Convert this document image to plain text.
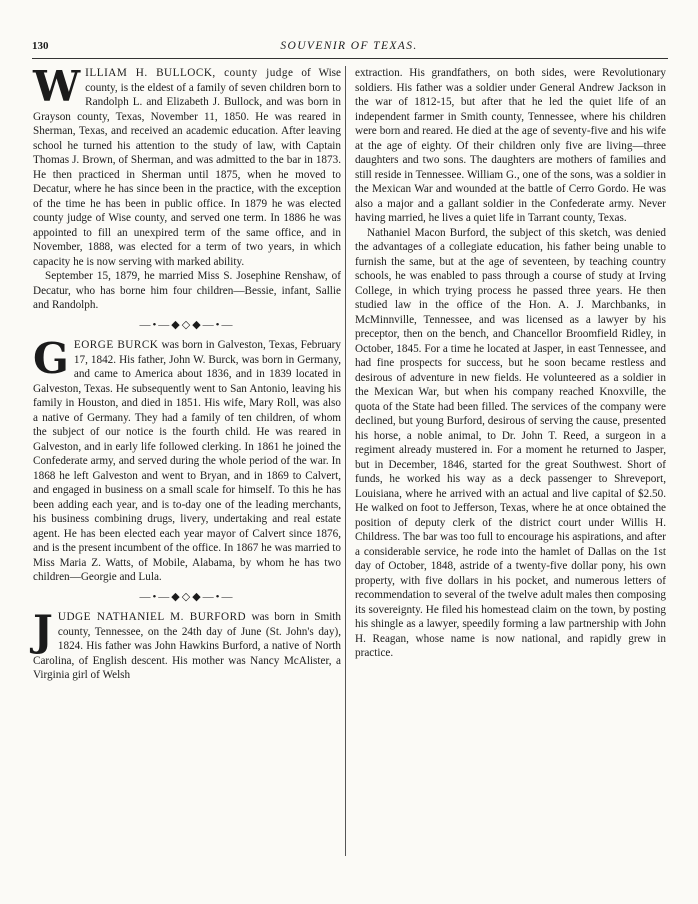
130	SOUVENIR OF TEXAS.

WILLIAM H. BULLOCK, county judge of Wise county, is the eldest of a family of seven children born to Randolph L. and Elizabeth J. Bullock, and was born in Grayson county, Texas, November 11, 1850. He was reared in Sherman, Texas, and received an academic education. After leaving school he turned his attention to the study of law, with Captain Thomas J. Brown, of Sherman, and was admitted to the bar in 1873. He then practiced in Sherman until 1875, when he moved to Decatur, where he has since been in the practice, with the exception of the time he has been in public office. In 1879 he was elected county judge of Wise county, and served one term. In 1886 he was appointed to fill an unexpired term of the same office, and in November, 1888, was elected for a term of two years, in which capacity he is now serving with marked ability.

September 15, 1879, he married Miss S. Josephine Renshaw, of Decatur, who has borne him four children—Bessie, infant, Sallie and Randolph.

—•—◆◇◆—•—

GEORGE BURCK was born in Galveston, Texas, February 17, 1842. His father, John W. Burck, was born in Germany, and came to America about 1836, and in 1839 located in Galveston, Texas. He subsequently went to San Antonio, leaving his family in Houston, and died in 1851. His wife, Mary Roll, was also a native of Germany. They had a family of ten children, of whom the subject of our notice is the fourth child. He was reared in Galveston, and in early life followed clerking. In 1861 he joined the Confederate army, and served during the whole period of the war. In 1868 he left Galveston and went to Bryan, and in 1869 to Calvert, and engaged in business on a small scale for himself. To this he has been adding each year, and is to-day one of the leading merchants, his business combining drugs, livery, undertaking and real estate agent. He has been elected each year mayor of Calvert since 1876, and is the present incumbent of the office. In 1867 he was married to Miss Maria Z. Watts, of Mobile, Alabama, by whom he has two children—Georgie and Lula.

—•—◆◇◆—•—

JUDGE NATHANIEL M. BURFORD was born in Smith county, Tennessee, on the 24th day of June (St. John's day), 1824. His father was John Hawkins Burford, a native of North Carolina, of English descent. His mother was Nancy McAlister, a Virginia girl of Welsh

extraction. His grandfathers, on both sides, were Revolutionary soldiers. His father was a soldier under General Andrew Jackson in the war of 1812-15, but after that he led the quiet life of an independent farmer in Smith county, Tennessee, where his children were born and reared. He died at the age of seventy-five and his wife at the age of eighty. Of their children only five are living—three daughters and two sons. The daughters are mothers of families and still reside in Tennessee. William G., one of the sons, was a soldier in the Mexican War and wounded at the battle of Cerro Gordo. He was also a major and a gallant soldier in the Confederate army. Never having married, he lives a quiet life in Tarrant county, Texas.

Nathaniel Macon Burford, the subject of this sketch, was denied the advantages of a collegiate education, his father being unable to furnish the same, but at the age of seventeen, by teaching country schools, he was enabled to pass through a course of study at Irving College, in which trying process he passed three years. He then studied law in the office of the Hon. A. J. Marchbanks, in McMinnville, Tennessee, and was licensed as a lawyer by his preceptor, then on the bench, and Chancellor Broomfield Ridley, in October, 1845. For a time he located at Jasper, in east Tennessee, and had fine prospects for success, but he soon became restless and desirous of adventure in new fields. He volunteered as a soldier in the Mexican War, but when his company reached Knoxville, the quota of the State had been filled. The services of the company were declined, but young Burford, desirous of serving the cause, presented his horse, a noble animal, to Dr. John T. Reed, a surgeon in a regiment already mustered in. For a moment he returned to Jasper, but in December, 1846, started for the great Southwest. Short of funds, he worked his way as a deck passenger to Shreveport, Louisiana, where he arrived with an actual and live capital of $2.50. He walked on foot to Jefferson, Texas, where he at once obtained the position of deputy clerk of the district court under Willis H. Childress. The bar was too full to encourage his aspirations, and after a considerable service, he rode into the hamlet of Dallas on the 1st day of October, 1848, astride of a twenty-five dollar pony, his own property, with five dollars in his pocket, and numerous letters of recommendation to several of the twelve adult males then composing its sovereignty. He filed his homestead claim on the town, by posting his shingle as a lawyer, speedily forming a law partnership with John H. Reagan, whose name is now national, and rapidly grew in practice.
